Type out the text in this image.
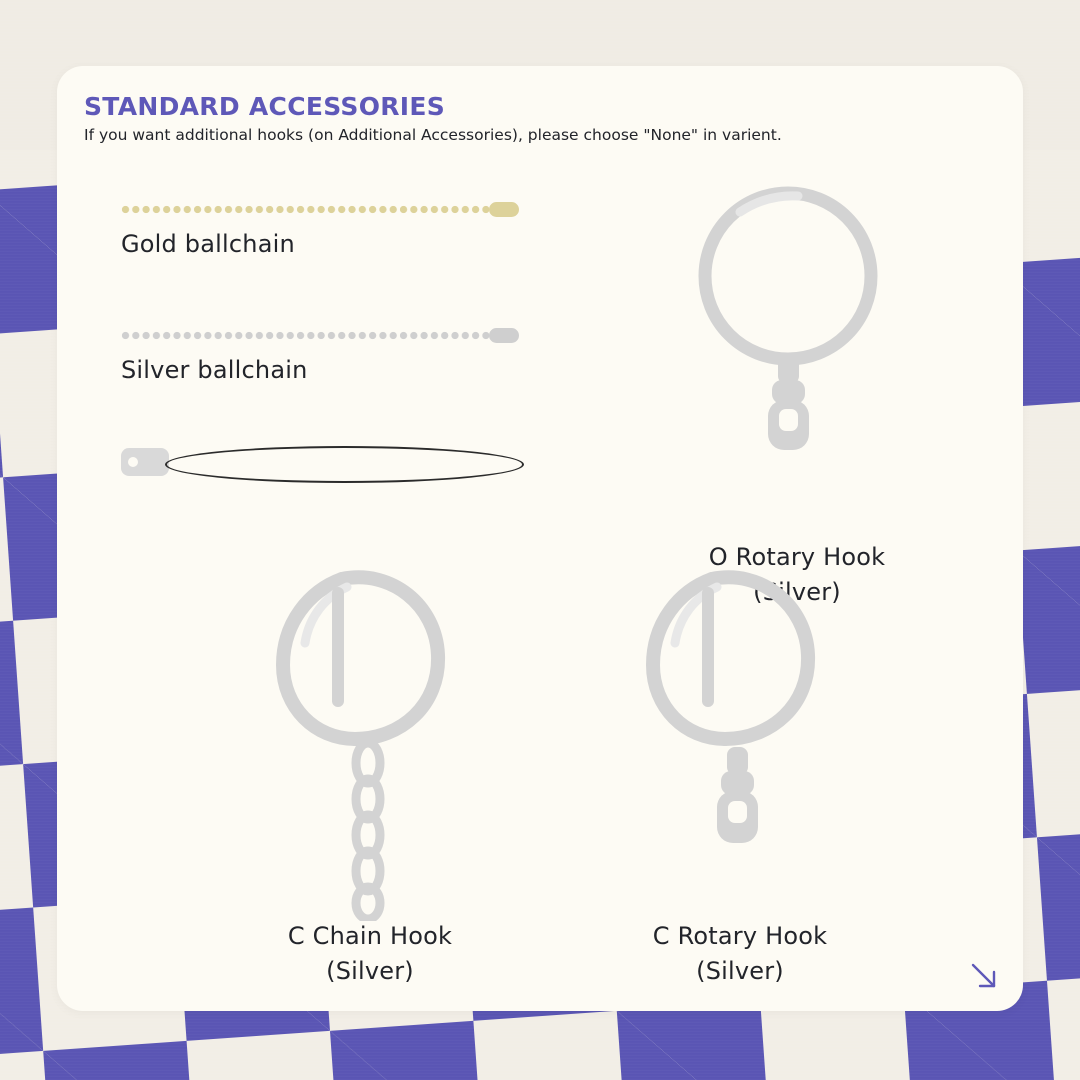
STANDARD ACCESSORIES
If you want additional hooks (on Additional Accessories), please choose "None" in varient.
Gold ballchain
Silver ballchain
O Rotary Hook
(Silver)
C Chain Hook
(Silver)
C Rotary Hook
(Silver)
